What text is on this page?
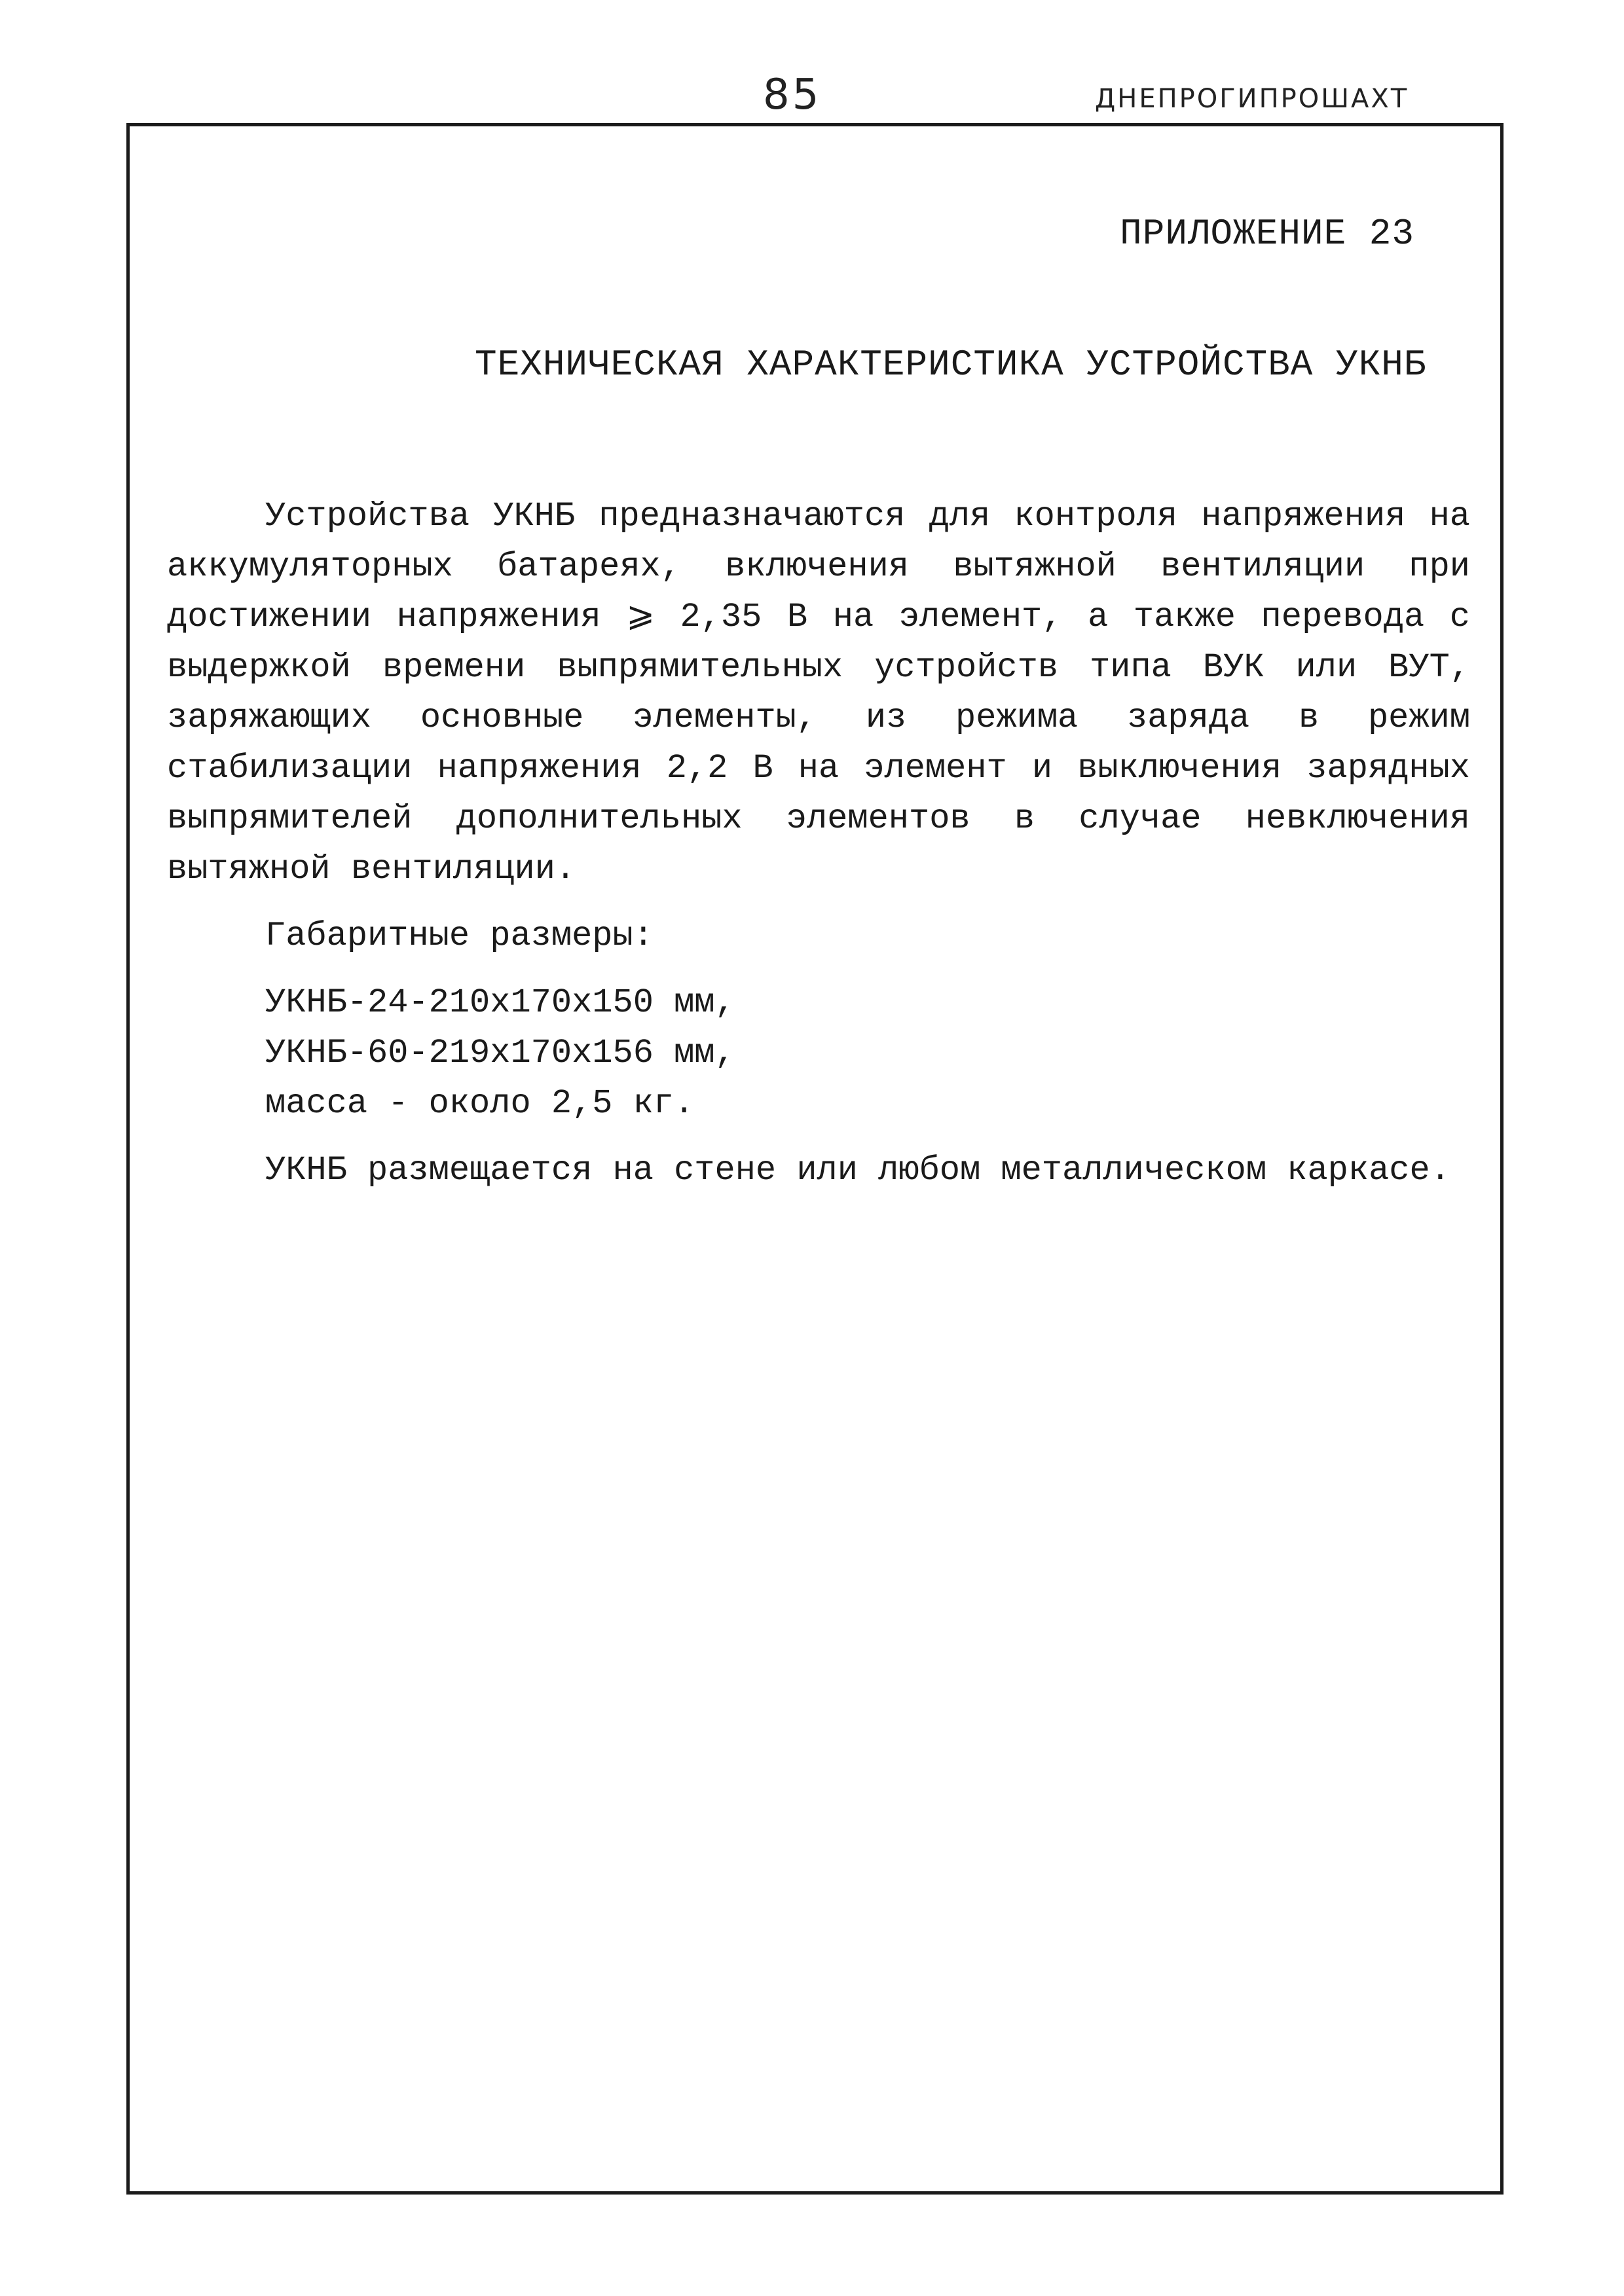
85	ДНЕПРОГИПРОШАХТ
ПРИЛОЖЕНИЕ 23
ТЕХНИЧЕСКАЯ ХАРАКТЕРИСТИКА УСТРОЙСТВА УКНБ

Устройства УКНБ предназначаются для контроля напряжения на аккумуляторных батареях, включения вытяжной вентиляции при достижении напряжения ⩾ 2,35 В на элемент, а также перевода с выдержкой времени выпрямительных устройств типа ВУК или ВУТ, заряжающих основные элементы, из режима заряда в режим стабилизации напряжения 2,2 В на элемент и выключения зарядных выпрямителей дополнительных элементов в случае невключения вытяжной вентиляции.

Габаритные размеры:

УКНБ-24-210х170х150 мм,

УКНБ-60-219х170х156 мм,

масса - около 2,5 кг.

УКНБ размещается на стене или любом металлическом каркасе.
